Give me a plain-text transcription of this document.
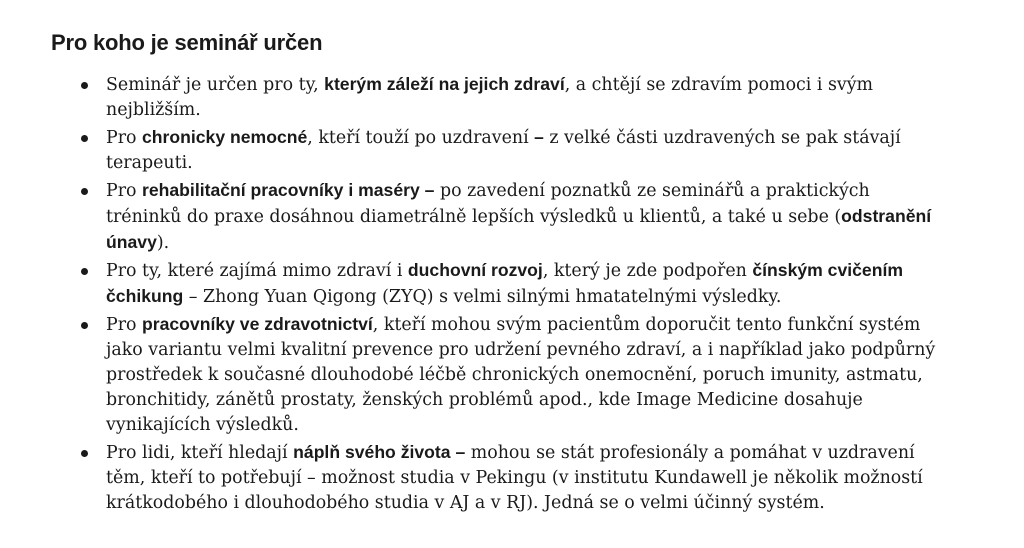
Pro koho je seminář určen
Seminář je určen pro ty, kterým záleží na jejich zdraví, a chtějí se zdravím pomoci i svým nejbližším.
Pro chronicky nemocné, kteří touží po uzdravení – z velké části uzdravených se pak stávají terapeuti.
Pro rehabilitační pracovníky i maséry – po zavedení poznatků ze seminářů a praktických tréninků do praxe dosáhnou diametrálně lepších výsledků u klientů, a také u sebe (odstranění únavy).
Pro ty, které zajímá mimo zdraví i duchovní rozvoj, který je zde podpořen čínským cvičením čchikung – Zhong Yuan Qigong (ZYQ) s velmi silnými hmatatelnými výsledky.
Pro pracovníky ve zdravotnictví, kteří mohou svým pacientům doporučit tento funkční systém jako variantu velmi kvalitní prevence pro udržení pevného zdraví, a i například jako podpůrný prostředek k současné dlouhodobé léčbě chronických onemocnění, poruch imunity, astmatu, bronchitidy, zánětů prostaty, ženských problémů apod., kde Image Medicine dosahuje vynikajících výsledků.
Pro lidi, kteří hledají náplň svého života – mohou se stát profesionály a pomáhat v uzdravení těm, kteří to potřebují – možnost studia v Pekingu (v institutu Kundawell je několik možností krátkodobého i dlouhodobého studia v AJ a v RJ). Jedná se o velmi účinný systém.
